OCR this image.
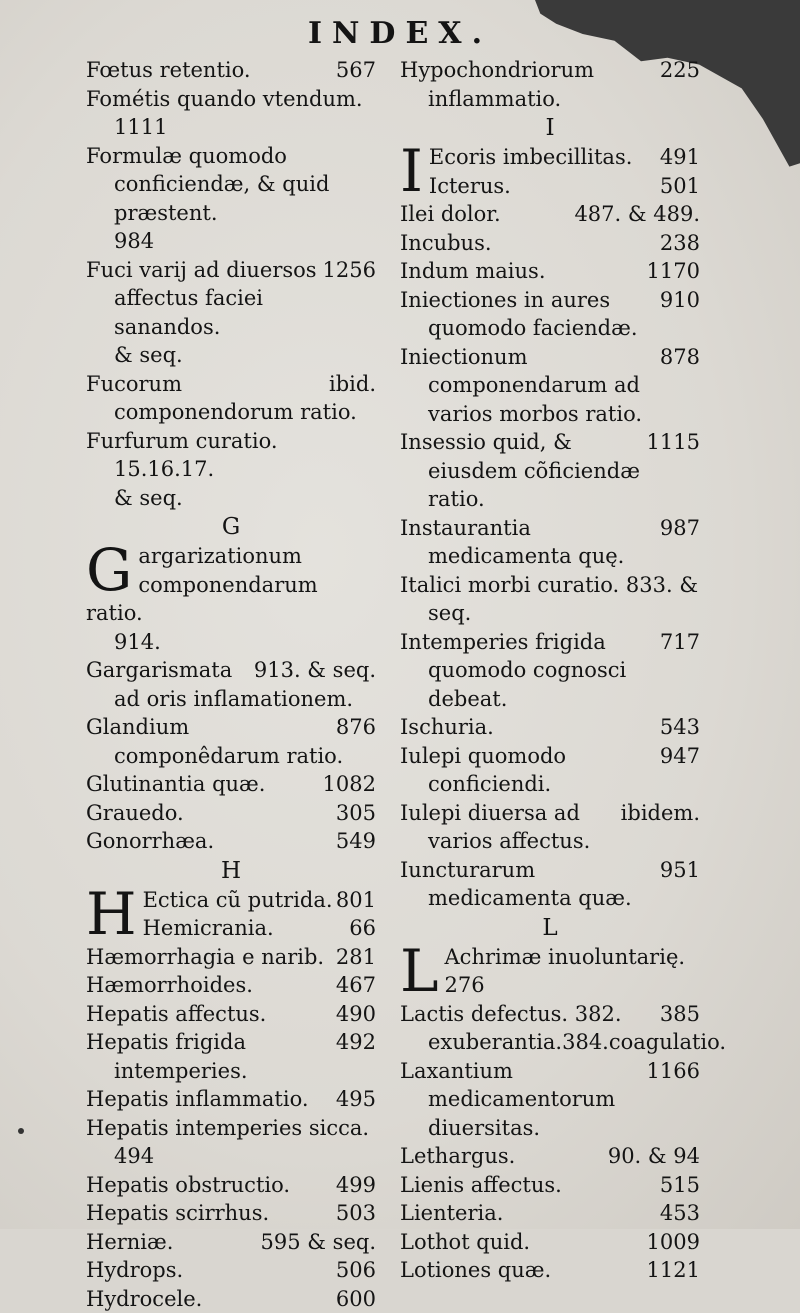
INDEX.
567
Fœtus retentio.
Fométis quando vtendum.
1111
Formulæ quomodo conficiendæ, & quid præstent.
984
1256
Fuci varij ad diuersos affectus faciei sanandos.
& seq.
ibid.
Fucorum componendorum ratio.
Furfurum curatio. 15.16.17.
& seq.
G
G argarizationum componendarum ratio.
914.
913. & seq.
Gargarismata ad oris inflamationem.
876
Glandium componêdarum ratio.
1082
Glutinantia quæ.
305
Grauedo.
549
Gonorrhæa.
H
H	801
Ectica cũ putrida.
66
Hemicrania.
281
Hæmorrhagia e narib.
467
Hæmorrhoides.
490
Hepatis affectus.
492
Hepatis frigida intemperies.
495
Hepatis inflammatio.
Hepatis intemperies sicca.
494
499
Hepatis obstructio.
503
Hepatis scirrhus.
595 & seq.
Herniæ.
506
Hydrops.
600
Hydrocele.
225
Hypochondriorum inflammatio.
I
I	491
Ecoris imbecillitas.
501
Icterus.
487. & 489.
Ilei dolor.
238
Incubus.
1170
Indum maius.
910
Iniectiones in aures quomodo faciendæ.
878
Iniectionum componendarum ad varios morbos ratio.
1115
Insessio quid, & eiusdem cõficiendæ ratio.
987
Instaurantia medicamenta quę.
Italici morbi curatio. 833. &
seq.
717
Intemperies frigida quomodo cognosci debeat.
543
Ischuria.
947
Iulepi quomodo conficiendi.
ibidem.
Iulepi diuersa ad varios affectus.
951
Iuncturarum medicamenta quæ.
L
L Achrimæ inuoluntarię.
276
385
Lactis defectus. 382. exuberantia.384.coagulatio.
1166
Laxantium medicamentorum diuersitas.
90. & 94
Lethargus.
515
Lienis affectus.
453
Lienteria.
1009
Lothot quid.
1121
Lotiones quæ.
